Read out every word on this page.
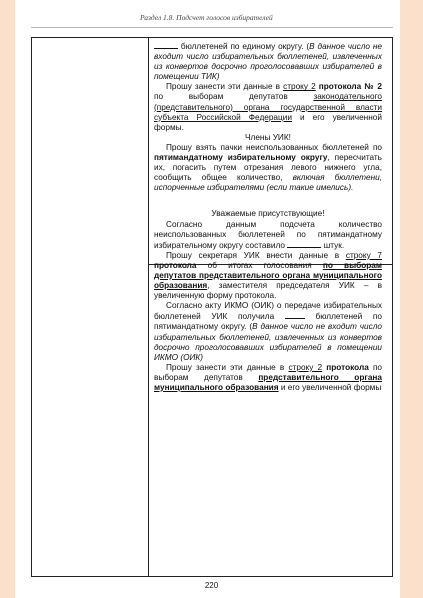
Раздел 1.8. Подсчет голосов избирателей

бюллетеней по единому округу. (В данное число не входит число избирательных бюллетеней, извлеченных из конвертов досрочно проголосовавших избирателей в помещении ТИК)

Прошу занести эти данные в строку 2 протокола № 2 по выборам депутатов законодательного (представительного) органа государственной власти субъекта Российской Федерации и его увеличенной формы.

Члены УИК!

Прошу взять пачки неиспользованных бюллетеней по пятимандатному избирательному округу, пересчитать их, погасить путем отрезания левого нижнего угла, сообщить общее количество, включая бюллетени, испорченные избирателями (если такие имелись).

Уважаемые присутствующие!

Согласно данным подсчета количество неиспользованных бюллетеней по пятимандатному избирательному округу составило	штук.

Прошу секретаря УИК внести данные в строку 7 протокола об итогах голосования по выборам депутатов представительного органа муниципального образования, заместителя председателя УИК – в увеличенную форму протокола.

Согласно акту ИКМО (ОИК) о передаче избирательных бюллетеней УИК получила	бюллетеней по пятимандатному округу. (В данное число не входит число избирательных бюллетеней, извлеченных из конвертов досрочно проголосовавших избирателей в помещении ИКМО (ОИК)

Прошу занести эти данные в строку 2 протокола по выборам депутатов представительного органа муниципального образования и его увеличенной формы

220
